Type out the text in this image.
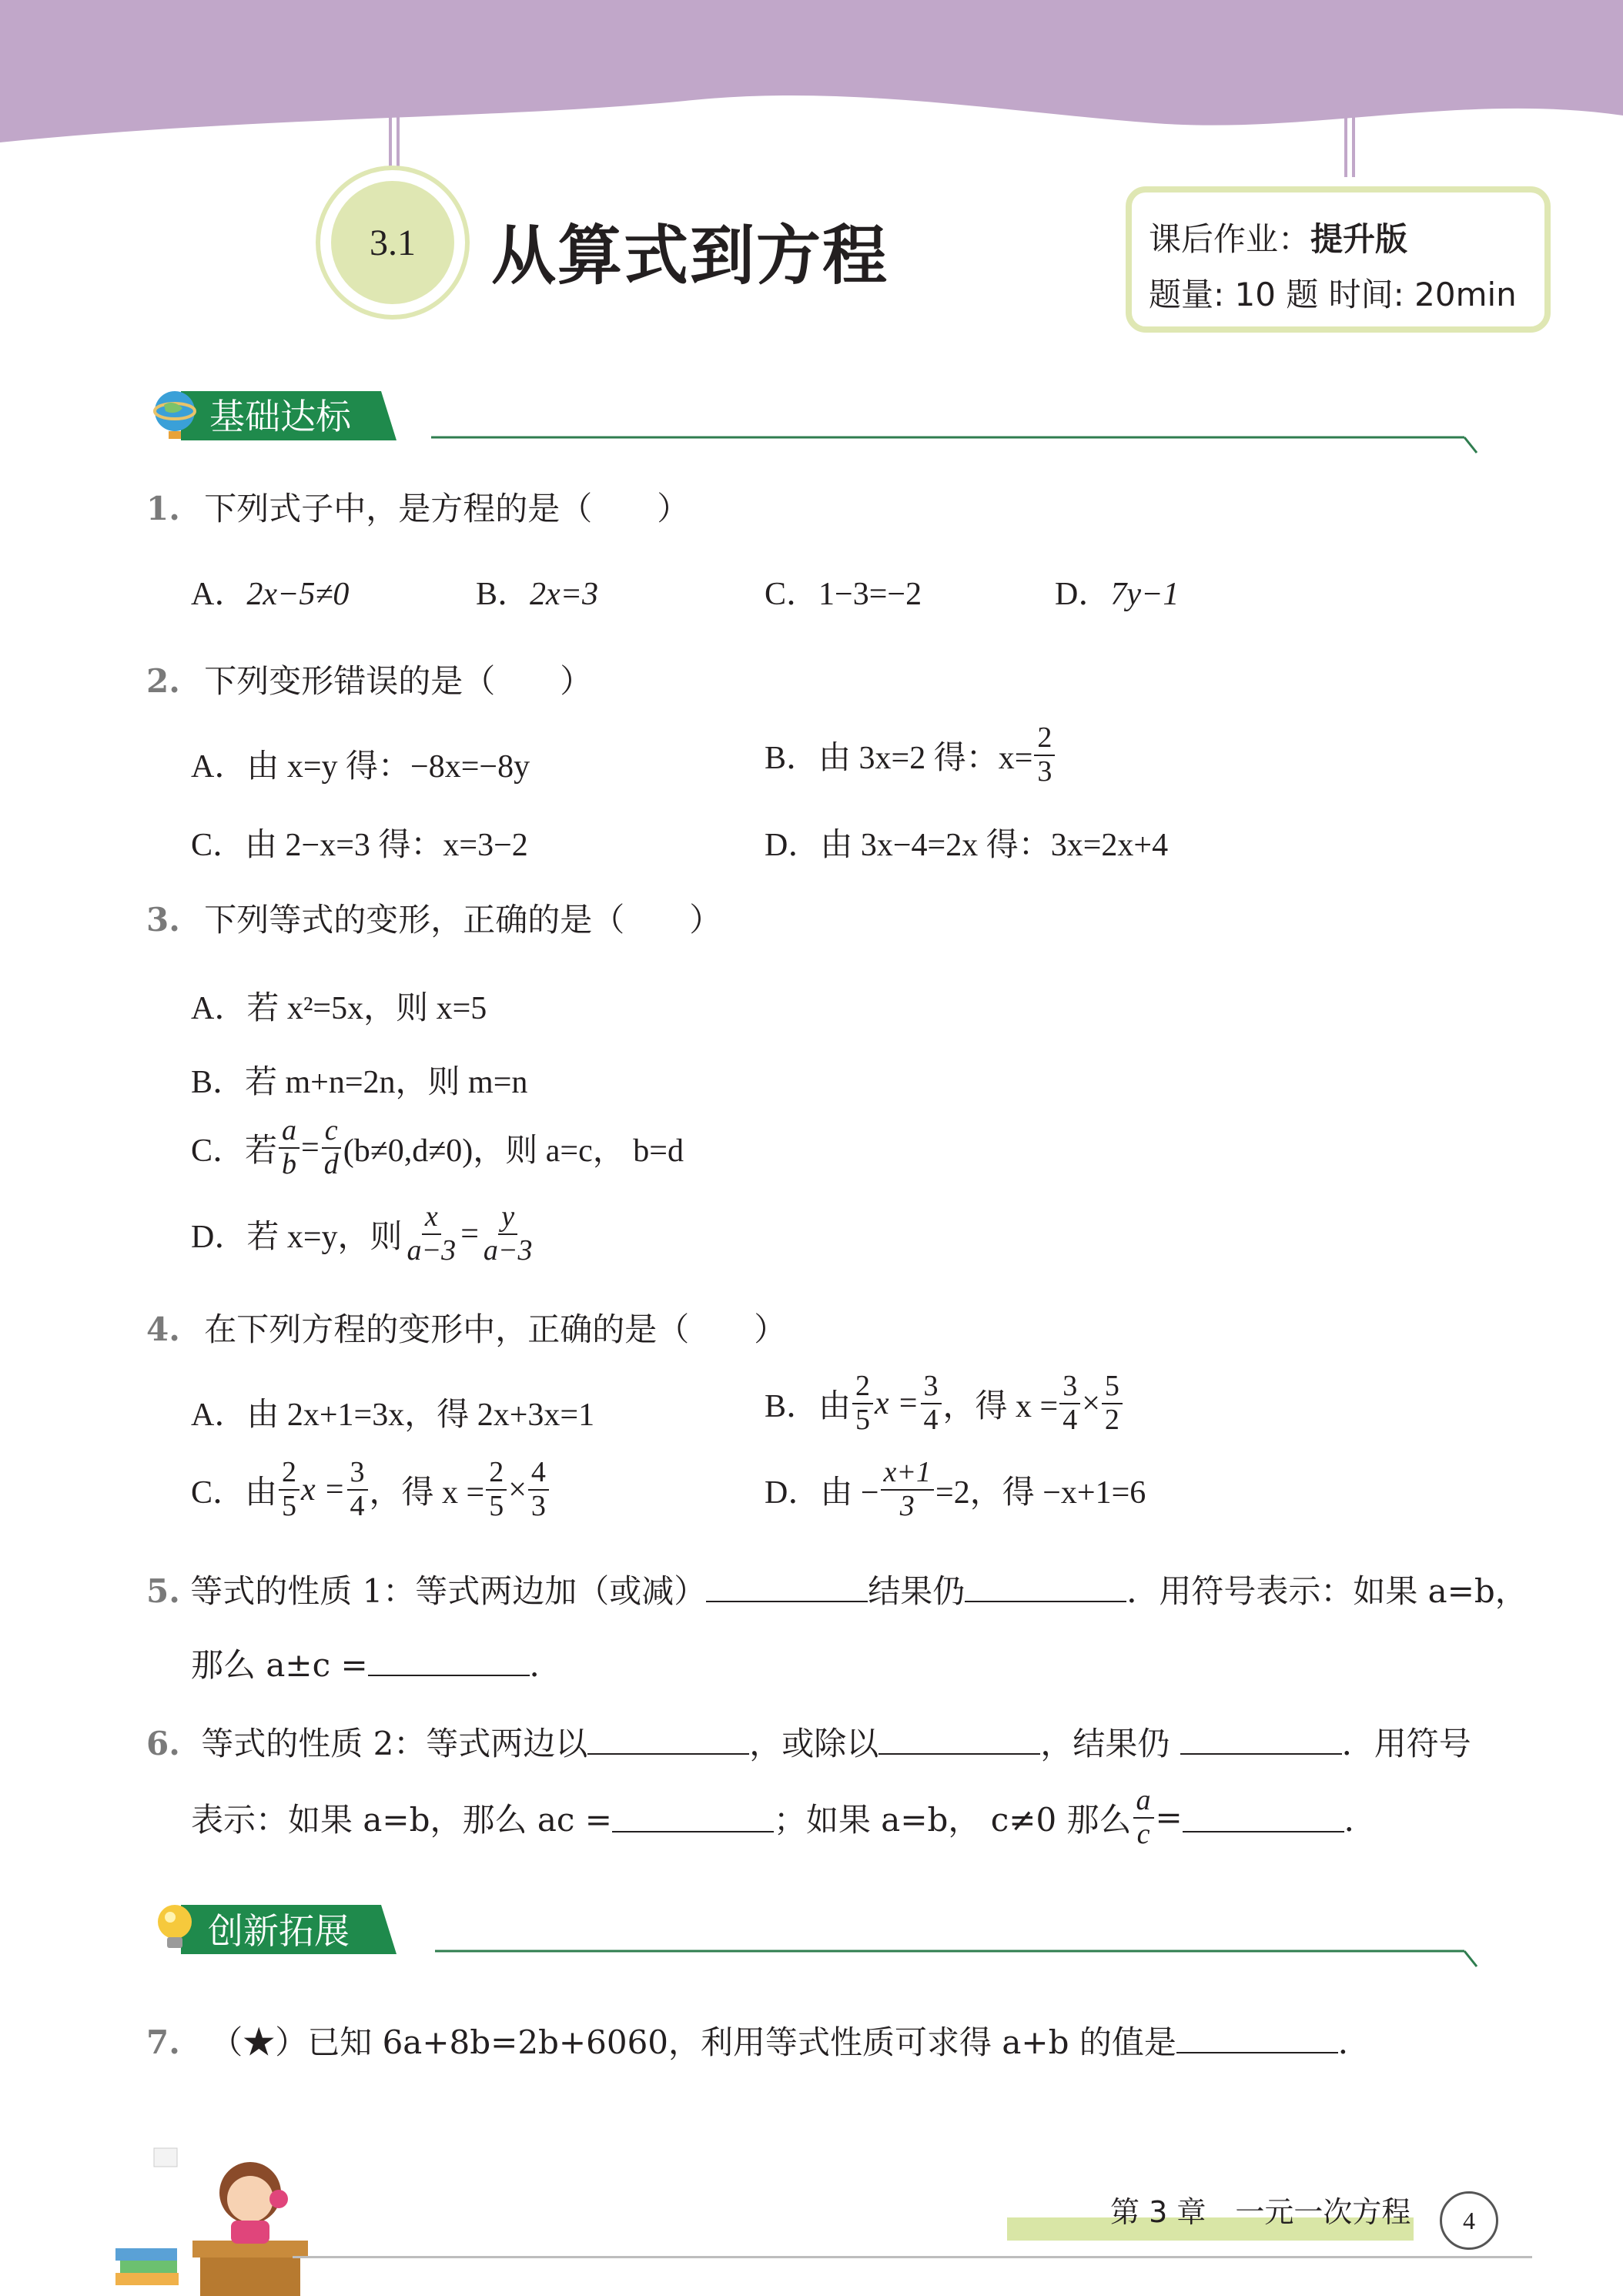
3.1 从算式到方程	课后作业：提升版
题量: 10 题 时间: 20min
基础达标
1. 下列式子中，是方程的是（　　）
A．2x−5≠0	B．2x=3	C．1−3=−2	D．7y−1
2. 下列变形错误的是（　　）
A．由 x=y 得：−8x=−8y	B． 由 3x=2 得：$x= \frac{2}{3}$
C．由 2−x=3 得：x=3−2	D．由 3x−4=2x 得：3x=2x+4
3. 下列等式的变形，正确的是（　　）
A．若 x²=5x，则 x=5
B．若 m+n=2n，则 m=n
C． 若 $\frac{a}{b} = \frac{c}{d} (b\ne 0,d\ne 0)$，则 a=c， b=d
D． 若 x=y，则 $\frac{x}{a-3} = \frac{y}{a-3}$
4. 在下列方程的变形中，正确的是（　　）
A．由 2x+1=3x，得 2x+3x=1	B． 由 $\frac{2}{5}$ $x = \frac{3}{4}$ ，得 $x = \frac{3}{4} \times \frac{5}{2}$
C． 由 $\frac{2}{5}$ $x = \frac{3}{4}$ ，得 $x = \frac{2}{5} \times \frac{4}{3}$	D． 由 − $\frac{x+1}{3} =2$，得 −x+1=6
5. 等式的性质 1：等式两边加（或减）	结果仍	．用符号表示：如果 a=b，
那么 a±c =	．
6. 等式的性质 2：等式两边以	，或除以	，结果仍	．用符号
表示：如果 a=b，那么 ac =	；如果 a=b， c≠0 那么 $\frac{a}{c}$ =	．
创新拓展
7. （★）已知 6a+8b=2b+6060，利用等式性质可求得 a+b 的值是	．
第 3 章　一元一次方程 4
